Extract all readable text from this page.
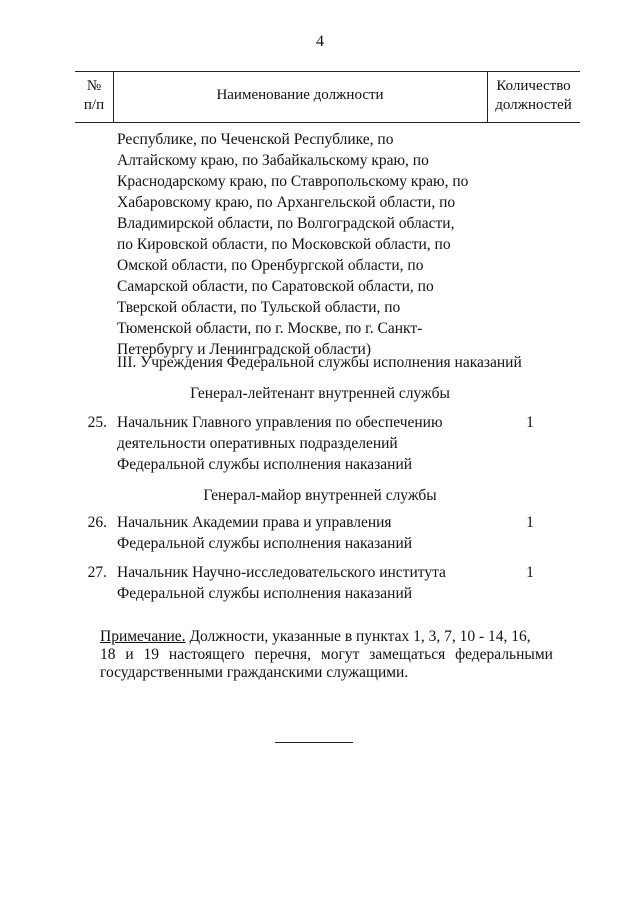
4
№
п/п
Наименование должности
Количество
должностей
Республике, по Чеченской Республике, по
Алтайскому краю, по Забайкальскому краю, по
Краснодарскому краю, по Ставропольскому краю, по
Хабаровскому краю, по Архангельской области, по
Владимирской области, по Волгоградской области,
по Кировской области, по Московской области, по
Омской области, по Оренбургской области, по
Самарской области, по Саратовской области, по
Тверской области, по Тульской области, по
Тюменской области, по г. Москве, по г. Санкт-
Петербургу и Ленинградской области)
III. Учреждения Федеральной службы исполнения наказаний
Генерал-лейтенант внутренней службы
25. Начальник Главного управления по обеспечению
деятельности оперативных подразделений
Федеральной службы исполнения наказаний
1
Генерал-майор внутренней службы
26. Начальник Академии права и управления
Федеральной службы исполнения наказаний
1
27. Начальник Научно-исследовательского института
Федеральной службы исполнения наказаний
1
Примечание. Должности, указанные в пунктах 1, 3, 7, 10 - 14, 16,
18 и 19 настоящего перечня, могут замещаться федеральными
государственными гражданскими служащими.
